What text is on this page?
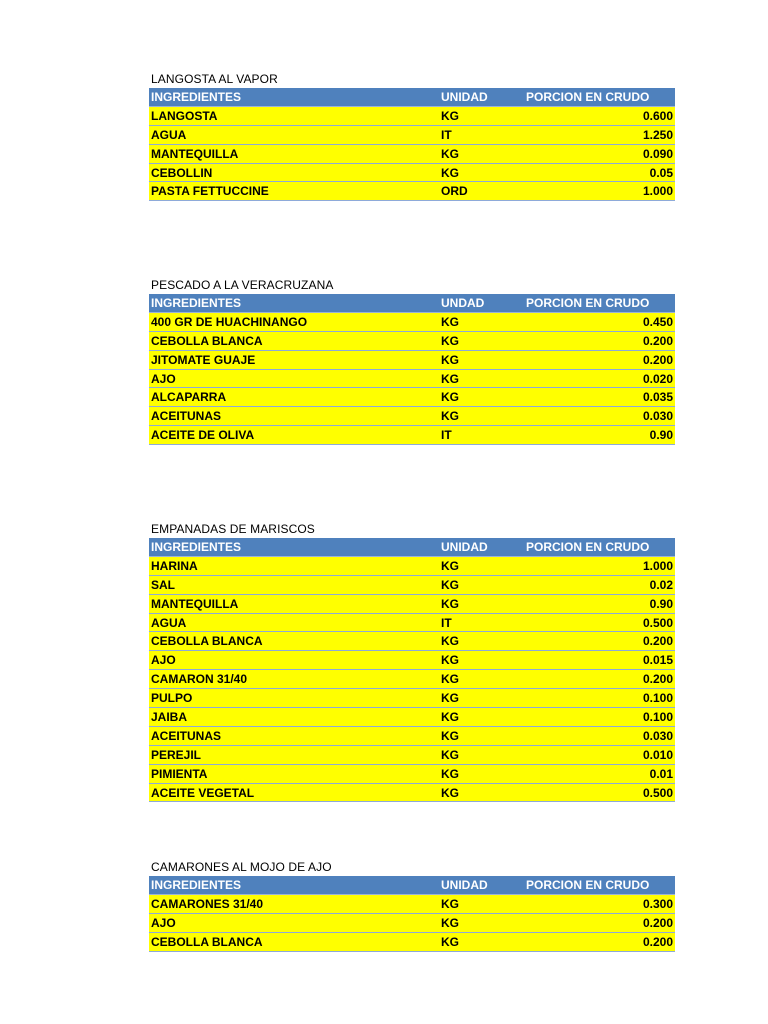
LANGOSTA AL VAPOR
INGREDIENTES	UNIDAD	PORCION EN CRUDO
LANGOSTA	KG	0.600
AGUA	IT	1.250
MANTEQUILLA	KG	0.090
CEBOLLIN	KG	0.05
PASTA FETTUCCINE	ORD	1.000
PESCADO A LA VERACRUZANA
INGREDIENTES	UNDAD	PORCION EN CRUDO
400 GR DE HUACHINANGO	KG	0.450
CEBOLLA BLANCA	KG	0.200
JITOMATE GUAJE	KG	0.200
AJO	KG	0.020
ALCAPARRA	KG	0.035
ACEITUNAS	KG	0.030
ACEITE DE OLIVA	IT	0.90
EMPANADAS DE MARISCOS
INGREDIENTES	UNIDAD	PORCION EN CRUDO
HARINA	KG	1.000
SAL	KG	0.02
MANTEQUILLA	KG	0.90
AGUA	IT	0.500
CEBOLLA BLANCA	KG	0.200
AJO	KG	0.015
CAMARON 31/40	KG	0.200
PULPO	KG	0.100
JAIBA	KG	0.100
ACEITUNAS	KG	0.030
PEREJIL	KG	0.010
PIMIENTA	KG	0.01
ACEITE VEGETAL	KG	0.500
CAMARONES AL MOJO DE AJO
INGREDIENTES	UNIDAD	PORCION EN CRUDO
CAMARONES 31/40	KG	0.300
AJO	KG	0.200
CEBOLLA BLANCA	KG	0.200
